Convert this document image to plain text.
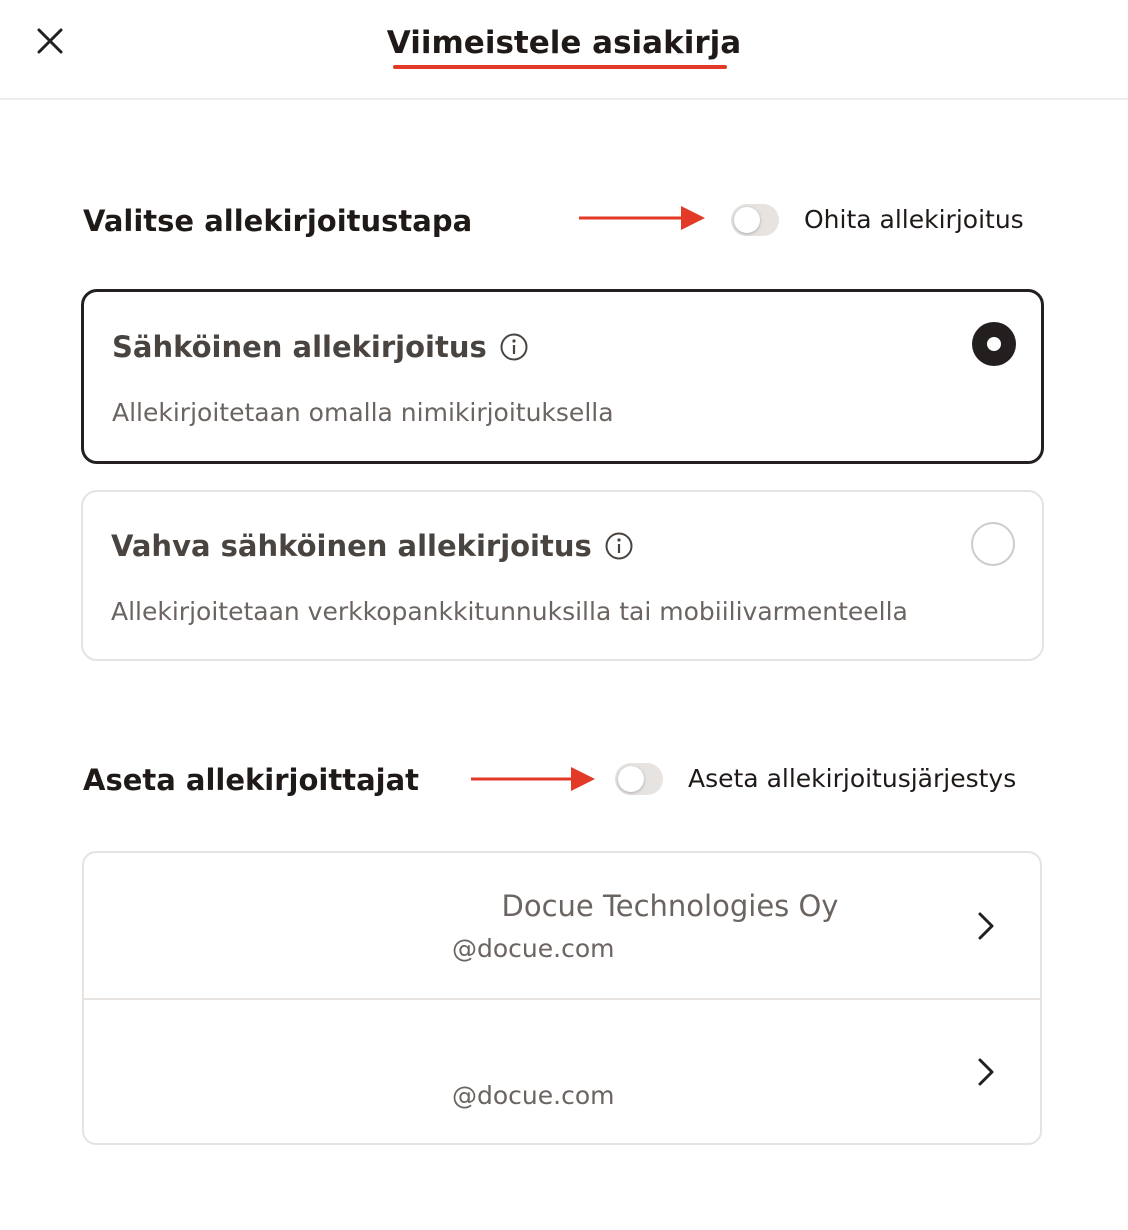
Viimeistele asiakirja
Valitse allekirjoitustapa	Ohita allekirjoitus
Sähköinen allekirjoitus
Allekirjoitetaan omalla nimikirjoituksella
Vahva sähköinen allekirjoitus
Allekirjoitetaan verkkopankkitunnuksilla tai mobiilivarmenteella
Aseta allekirjoittajat	Aseta allekirjoitusjärjestys
Docue Technologies Oy
@docue.com
@docue.com
